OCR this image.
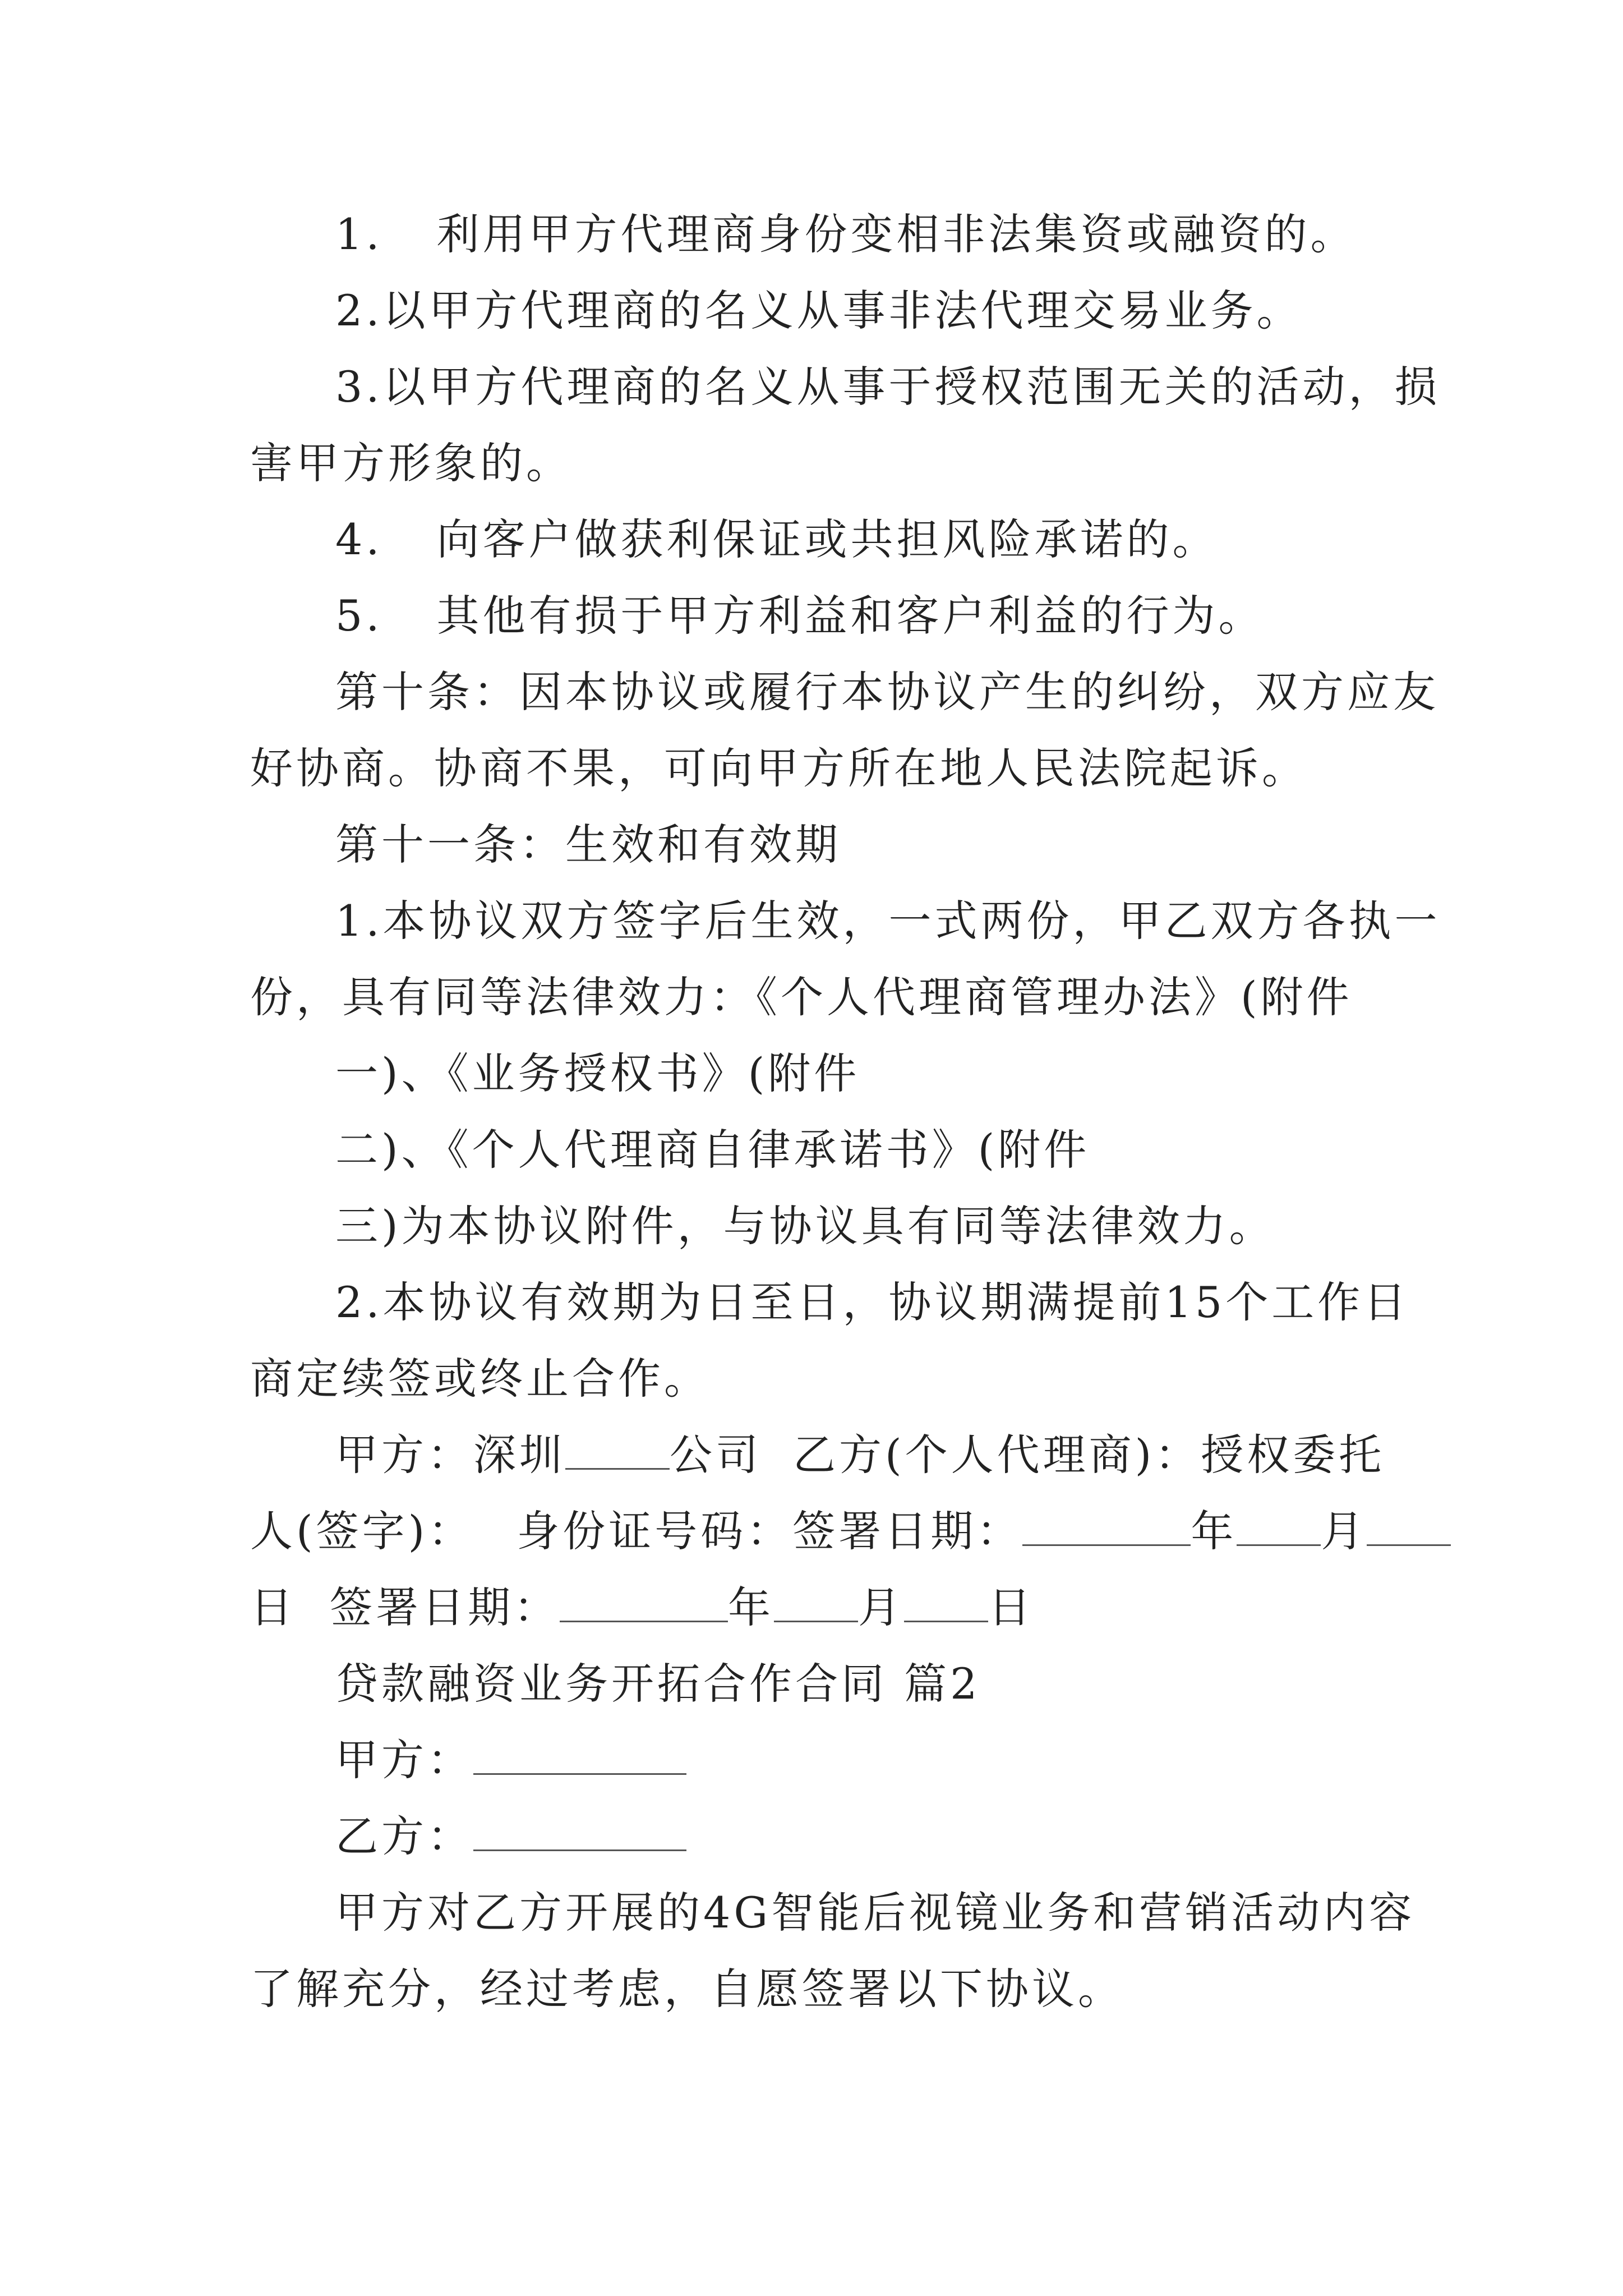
1. 利用甲方代理商身份变相非法集资或融资的。

2.以甲方代理商的名义从事非法代理交易业务。

3.以甲方代理商的名义从事于授权范围无关的活动，损

害甲方形象的。

4. 向客户做获利保证或共担风险承诺的。

5. 其他有损于甲方利益和客户利益的行为。

第十条：因本协议或履行本协议产生的纠纷，双方应友

好协商。协商不果，可向甲方所在地人民法院起诉。

第十一条：生效和有效期

1.本协议双方签字后生效，一式两份，甲乙双方各执一

份，具有同等法律效力：《个人代理商管理办法》(附件

一)、《业务授权书》(附件

二)、《个人代理商自律承诺书》(附件

三)为本协议附件，与协议具有同等法律效力。

2.本协议有效期为日至日，协议期满提前15个工作日

商定续签或终止合作。

甲方：深圳 公司 乙方(个人代理商)：授权委托

人(签字)： 身份证号码：签署日期：	年 月

日 签署日期：	年 月 日

贷款融资业务开拓合作合同 篇2

甲方：

乙方：

甲方对乙方开展的4G智能后视镜业务和营销活动内容

了解充分，经过考虑，自愿签署以下协议。
